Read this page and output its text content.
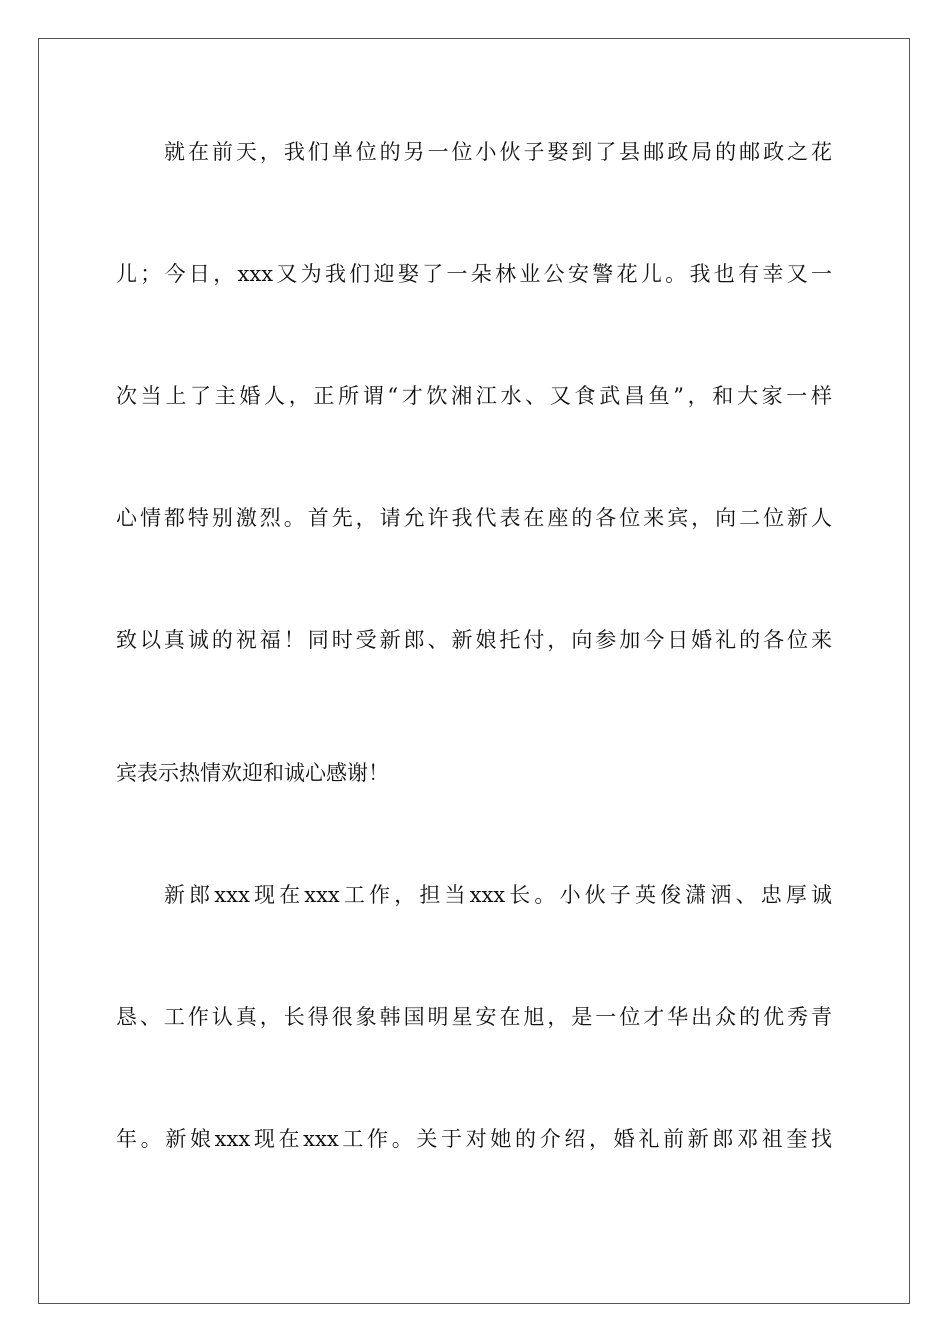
就在前天，我们单位的另一位小伙子娶到了县邮政局的邮政之花
儿；今日，xxx又为我们迎娶了一朵林业公安警花儿。我也有幸又一
次当上了主婚人，正所谓“才饮湘江水、又食武昌鱼”，和大家一样
心情都特别激烈。首先，请允许我代表在座的各位来宾，向二位新人
致以真诚的祝福！同时受新郎、新娘托付，向参加今日婚礼的各位来
宾表示热情欢迎和诚心感谢！
新郎xxx现在xxx工作，担当xxx长。小伙子英俊潇洒、忠厚诚
恳、工作认真，长得很象韩国明星安在旭，是一位才华出众的优秀青
年。新娘xxx现在xxx工作。关于对她的介绍，婚礼前新郎邓祖奎找
